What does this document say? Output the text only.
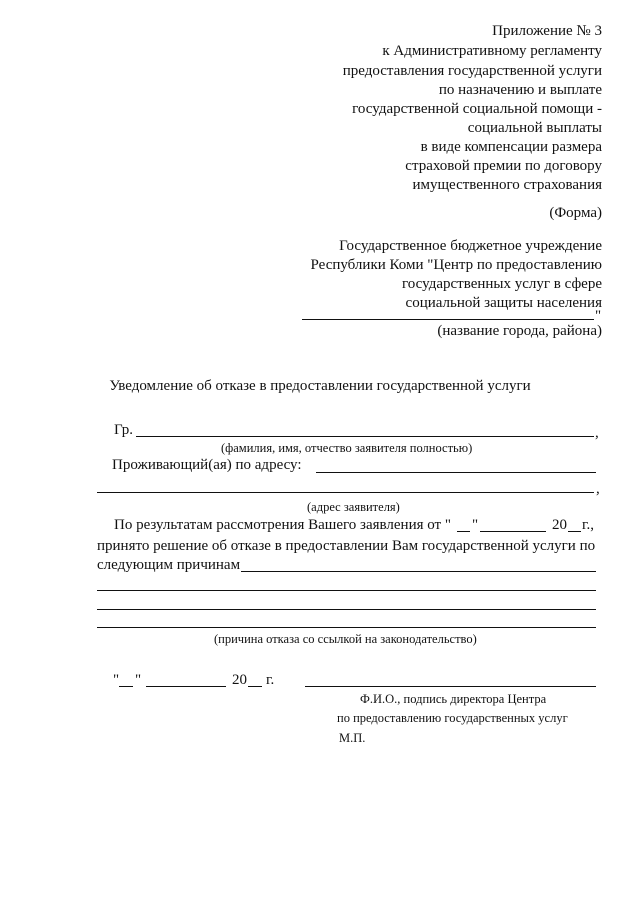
Приложение № 3
к Административному регламенту
предоставления государственной услуги
по назначению и выплате
государственной социальной помощи -
социальной выплаты
в виде компенсации размера
страховой премии по договору
имущественного страхования
(Форма)
Государственное бюджетное учреждение
Республики Коми "Центр по предоставлению
государственных услуг в сфере
социальной защиты населения
"
(название города, района)
Уведомление об отказе в предоставлении государственной услуги
Гр.	,
(фамилия, имя, отчество заявителя полностью)
Проживающий(ая) по адресу:
,
(адрес заявителя)
По результатам рассмотрения Вашего заявления от " "	20 г.,
принято решение об отказе в предоставлении Вам государственной услуги по
следующим причинам
(причина отказа со ссылкой на законодательство)
" "	20 г.
Ф.И.О., подпись директора Центра
по предоставлению государственных услуг
М.П.
